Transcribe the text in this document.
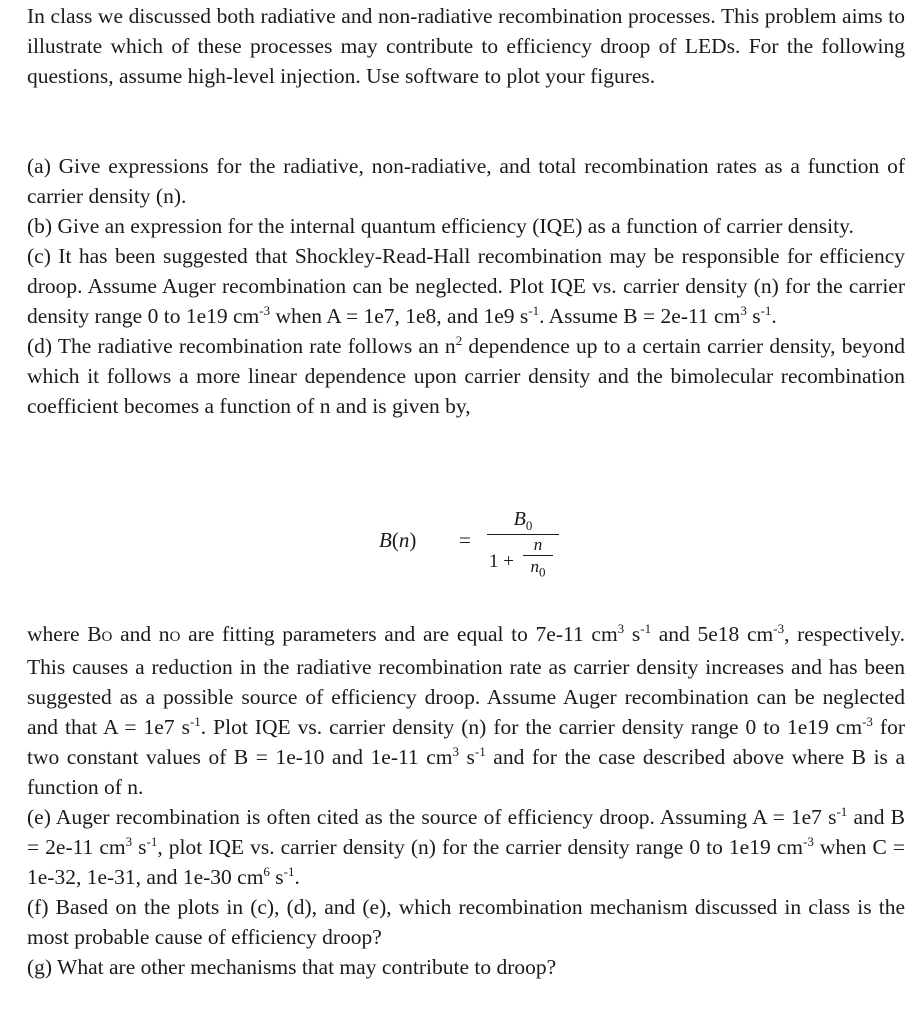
In class we discussed both radiative and non-radiative recombination processes. This problem aims to illustrate which of these processes may contribute to efficiency droop of LEDs. For the following questions, assume high-level injection. Use software to plot your figures.

(a) Give expressions for the radiative, non-radiative, and total recombination rates as a function of carrier density (n).

(b) Give an expression for the internal quantum efficiency (IQE) as a function of carrier density.

(c) It has been suggested that Shockley-Read-Hall recombination may be responsible for efficiency droop. Assume Auger recombination can be neglected. Plot IQE vs. carrier density (n) for the carrier density range 0 to 1e19 $cm^{-3}$ when A = 1e7, 1e8, and 1e9 $s^{-1}$. Assume B = 2e-11 $cm^3$ $s^{-1}$.

(d) The radiative recombination rate follows an $n^2$ dependence up to a certain carrier density, beyond which it follows a more linear dependence upon carrier density and the bimolecular recombination coefficient becomes a function of n and is given by,

B(n) =
$B_0$
1 +
n
$n_0$

where BO and nO are fitting parameters and are equal to 7e-11 $cm^3$ $s^{-1}$ and 5e18 $cm^{-3}$, respectively. This causes a reduction in the radiative recombination rate as carrier density increases and has been suggested as a possible source of efficiency droop. Assume Auger recombination can be neglected and that A = 1e7 $s^{-1}$. Plot IQE vs. carrier density (n) for the carrier density range 0 to 1e19 $cm^{-3}$ for two constant values of B = 1e-10 and 1e-11 $cm^3$ $s^{-1}$ and for the case described above where B is a function of n.

(e) Auger recombination is often cited as the source of efficiency droop. Assuming A = 1e7 $s^{-1}$ and B = 2e-11 $cm^3$ $s^{-1}$, plot IQE vs. carrier density (n) for the carrier density range 0 to 1e19 $cm^{-3}$ when C = 1e-32, 1e-31, and 1e-30 $cm^6$ $s^{-1}$.

(f) Based on the plots in (c), (d), and (e), which recombination mechanism discussed in class is the most probable cause of efficiency droop?

(g) What are other mechanisms that may contribute to droop?
